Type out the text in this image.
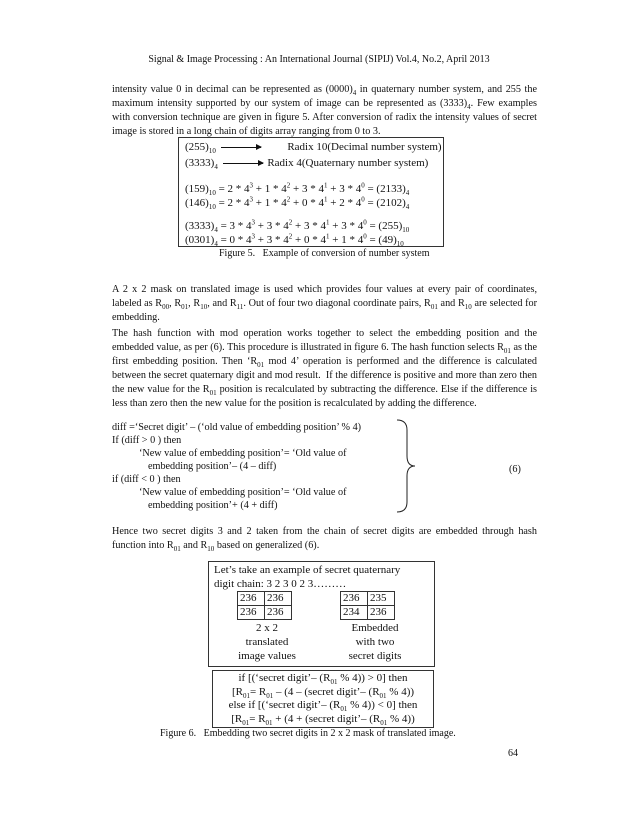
Signal & Image Processing : An International Journal (SIPIJ) Vol.4, No.2, April 2013
intensity value 0 in decimal can be represented as $(0000)_4$ in quaternary number system, and 255 the maximum intensity supported by our system of image can be represented as $(3333)_4$. Few examples with conversion technique are given in figure 5. After conversion of radix the intensity values of secret image is stored in a long chain of digits array ranging from 0 to 3.
$(255)_{10}$	Radix 10(Decimal number system)
$(3333)_4$	Radix 4(Quaternary number system)
$(159)_{10} = 2 * 4^3 + 1 * 4^2 + 3 * 4^1 + 3 * 4^0 = (2133)_4$
$(146)_{10} = 2 * 4^3 + 1 * 4^2 + 0 * 4^1 + 2 * 4^0 = (2102)_4$
$(3333)_4 = 3 * 4^3 + 3 * 4^2 + 3 * 4^1 + 3 * 4^0 = (255)_{10}$
$(0301)_4 = 0 * 4^3 + 3 * 4^2 + 0 * 4^1 + 1 * 4^0 = (49)_{10}$
Figure 5.   Example of conversion of number system
A 2 x 2 mask on translated image is used which provides four values at every pair of coordinates, labeled as $R_{00}$, $R_{01}$, $R_{10}$, and $R_{11}$. Out of four two diagonal coordinate pairs, $R_{01}$ and $R_{10}$ are selected for embedding.
The hash function with mod operation works together to select the embedding position and the embedded value, as per (6). This procedure is illustrated in figure 6. The hash function selects $R_{01}$ as the first embedding position. Then ‘$R_{01}$ mod 4’ operation is performed and the difference is calculated between the secret quaternary digit and mod result.  If the difference is positive and more than zero then the new value for the $R_{01}$ position is recalculated by subtracting the difference. Else if the difference is less than zero then the new value for the position is recalculated by adding the difference.
diff =‘Secret digit’ – (‘old value of embedding position’ % 4)
If (diff > 0 ) then
‘New value of embedding position’= ‘Old value of
embedding position’– (4 – diff)
if (diff < 0 ) then
‘New value of embedding position’= ‘Old value of
embedding position’+ (4 + diff)
(6)
Hence two secret digits 3 and 2 taken from the chain of secret digits are embedded through hash function into $R_{01}$ and $R_{10}$ based on generalized (6).
Let’s take an example of secret quaternary
digit chain: 3 2 3 0 2 3………
236	236
236	236
236	235
234	236
2 x 2
translated
image values
Embedded
with two
secret digits
if [(‘secret digit’– ($R_{01}$ % 4)) > 0] then
[$R_{01}= R_{01} - (4$ – (secret digit’– ($R_{01}$ % 4))
else if [(‘secret digit’– ($R_{01}$ % 4)) < 0] then
[$R_{01}= R_{01} + (4$ + (secret digit’– ($R_{01}$ % 4))
Figure 6.   Embedding two secret digits in 2 x 2 mask of translated image.
64
